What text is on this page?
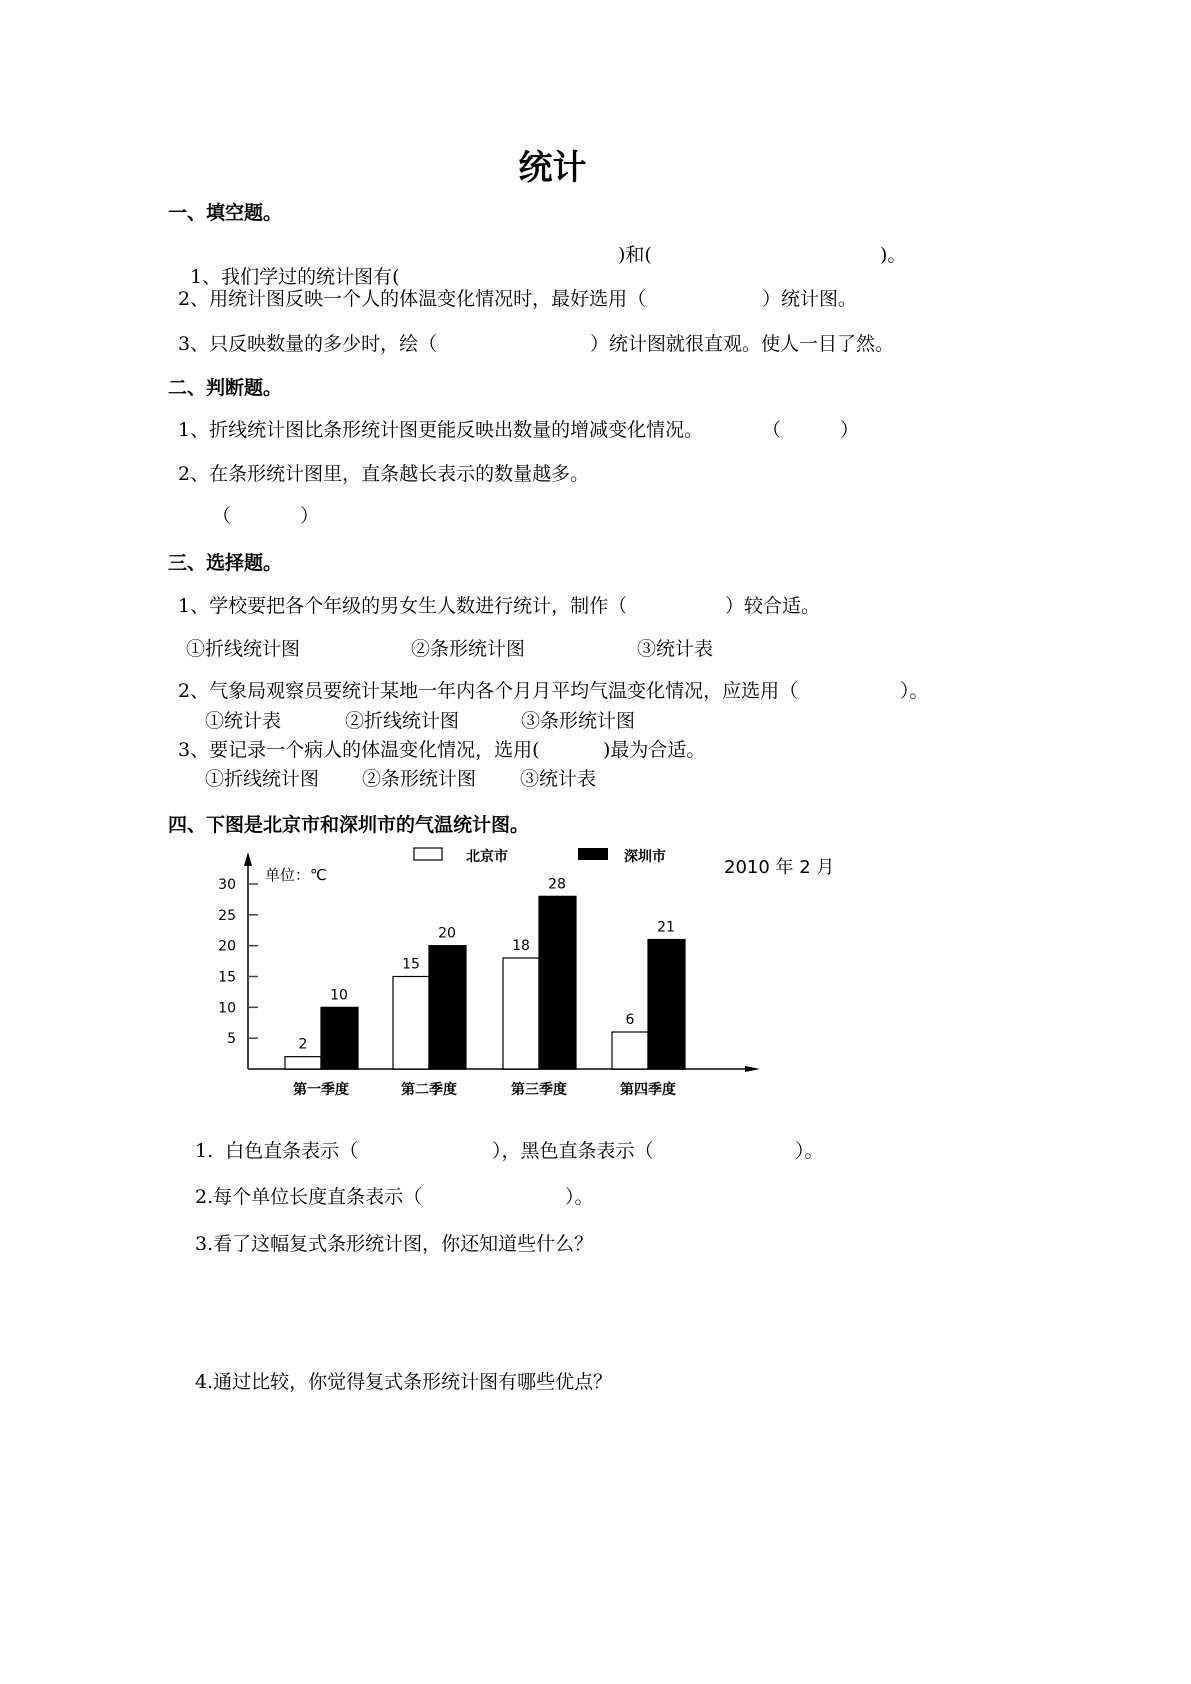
统计
一、填空题。

1、我们学过的统计图有(

)和(	)。
2、用统计图反映一个人的体温变化情况时，最好选用（	）统计图。
3、只反映数量的多少时，绘（	）统计图就很直观。使人一目了然。
二、判断题。
1、折线统计图比条形统计图更能反映出数量的增减变化情况。	（	）
2、在条形统计图里，直条越长表示的数量越多。
（	）
三、选择题。
1、学校要把各个年级的男女生人数进行统计，制作（	）较合适。
①折线统计图	②条形统计图	③统计表
2、气象局观察员要统计某地一年内各个月月平均气温变化情况，应选用（	）。
①统计表	②折线统计图	③条形统计图
3、要记录一个病人的体温变化情况，选用(	)最为合适。
①折线统计图 ②条形统计图 ③统计表
四、下图是北京市和深圳市的气温统计图。

5
10
15
20
25
30
单位：℃
北京市	深圳市	2010 年 2 月
2
10
第一季度
15
20
第二季度
18
28
第三季度
6
21
第四季度

1.  白色直条表示（	），黑色直条表示（	）。
2.每个单位长度直条表示（	）。
3.看了这幅复式条形统计图，你还知道些什么？
4.通过比较，你觉得复式条形统计图有哪些优点？
